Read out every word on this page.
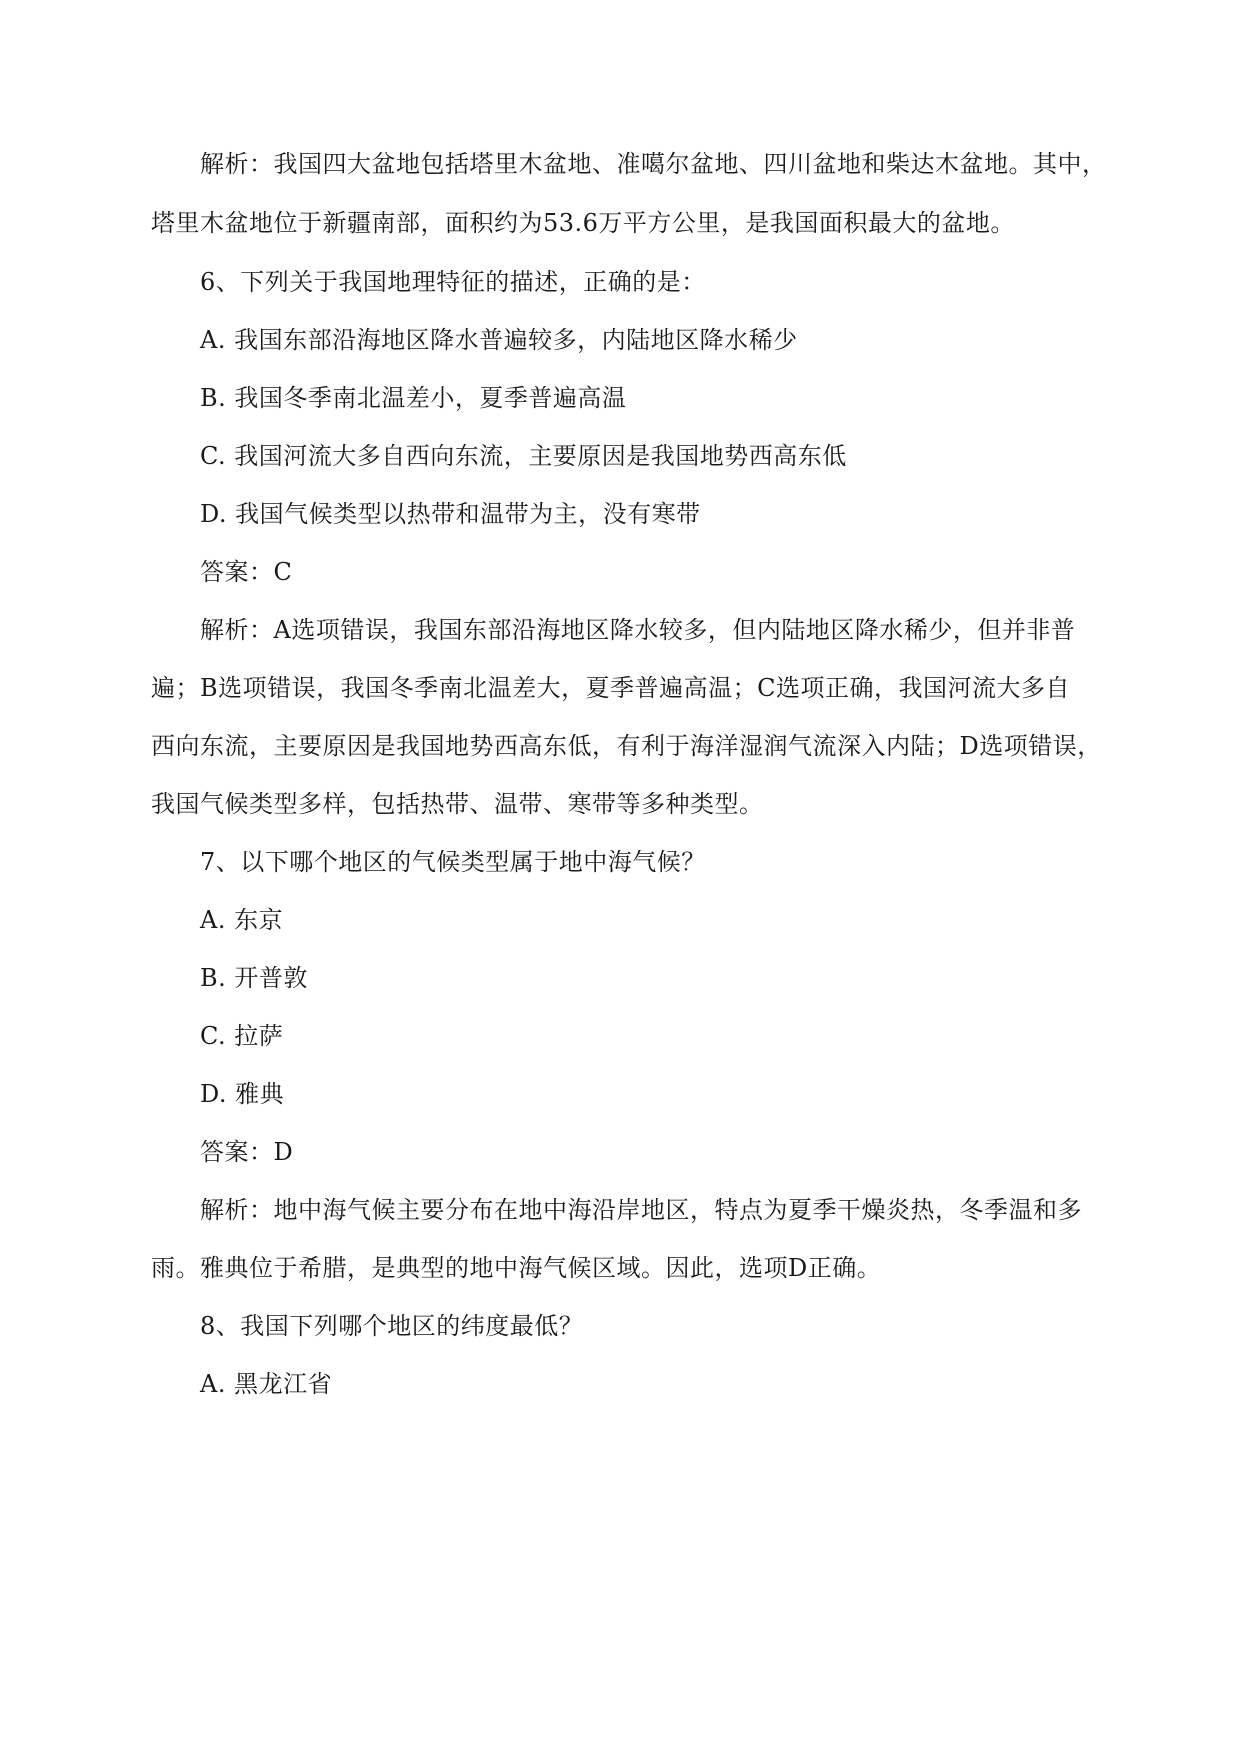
解析：我国四大盆地包括塔里木盆地、准噶尔盆地、四川盆地和柴达木盆地。其中，
塔里木盆地位于新疆南部，面积约为53.6万平方公里，是我国面积最大的盆地。
6、下列关于我国地理特征的描述，正确的是：
A. 我国东部沿海地区降水普遍较多，内陆地区降水稀少
B. 我国冬季南北温差小，夏季普遍高温
C. 我国河流大多自西向东流，主要原因是我国地势西高东低
D. 我国气候类型以热带和温带为主，没有寒带
答案：C
解析：A选项错误，我国东部沿海地区降水较多，但内陆地区降水稀少，但并非普
遍；B选项错误，我国冬季南北温差大，夏季普遍高温；C选项正确，我国河流大多自
西向东流，主要原因是我国地势西高东低，有利于海洋湿润气流深入内陆；D选项错误，
我国气候类型多样，包括热带、温带、寒带等多种类型。
7、以下哪个地区的气候类型属于地中海气候？
A. 东京
B. 开普敦
C. 拉萨
D. 雅典
答案：D
解析：地中海气候主要分布在地中海沿岸地区，特点为夏季干燥炎热，冬季温和多
雨。雅典位于希腊，是典型的地中海气候区域。因此，选项D正确。
8、我国下列哪个地区的纬度最低？
A. 黑龙江省
